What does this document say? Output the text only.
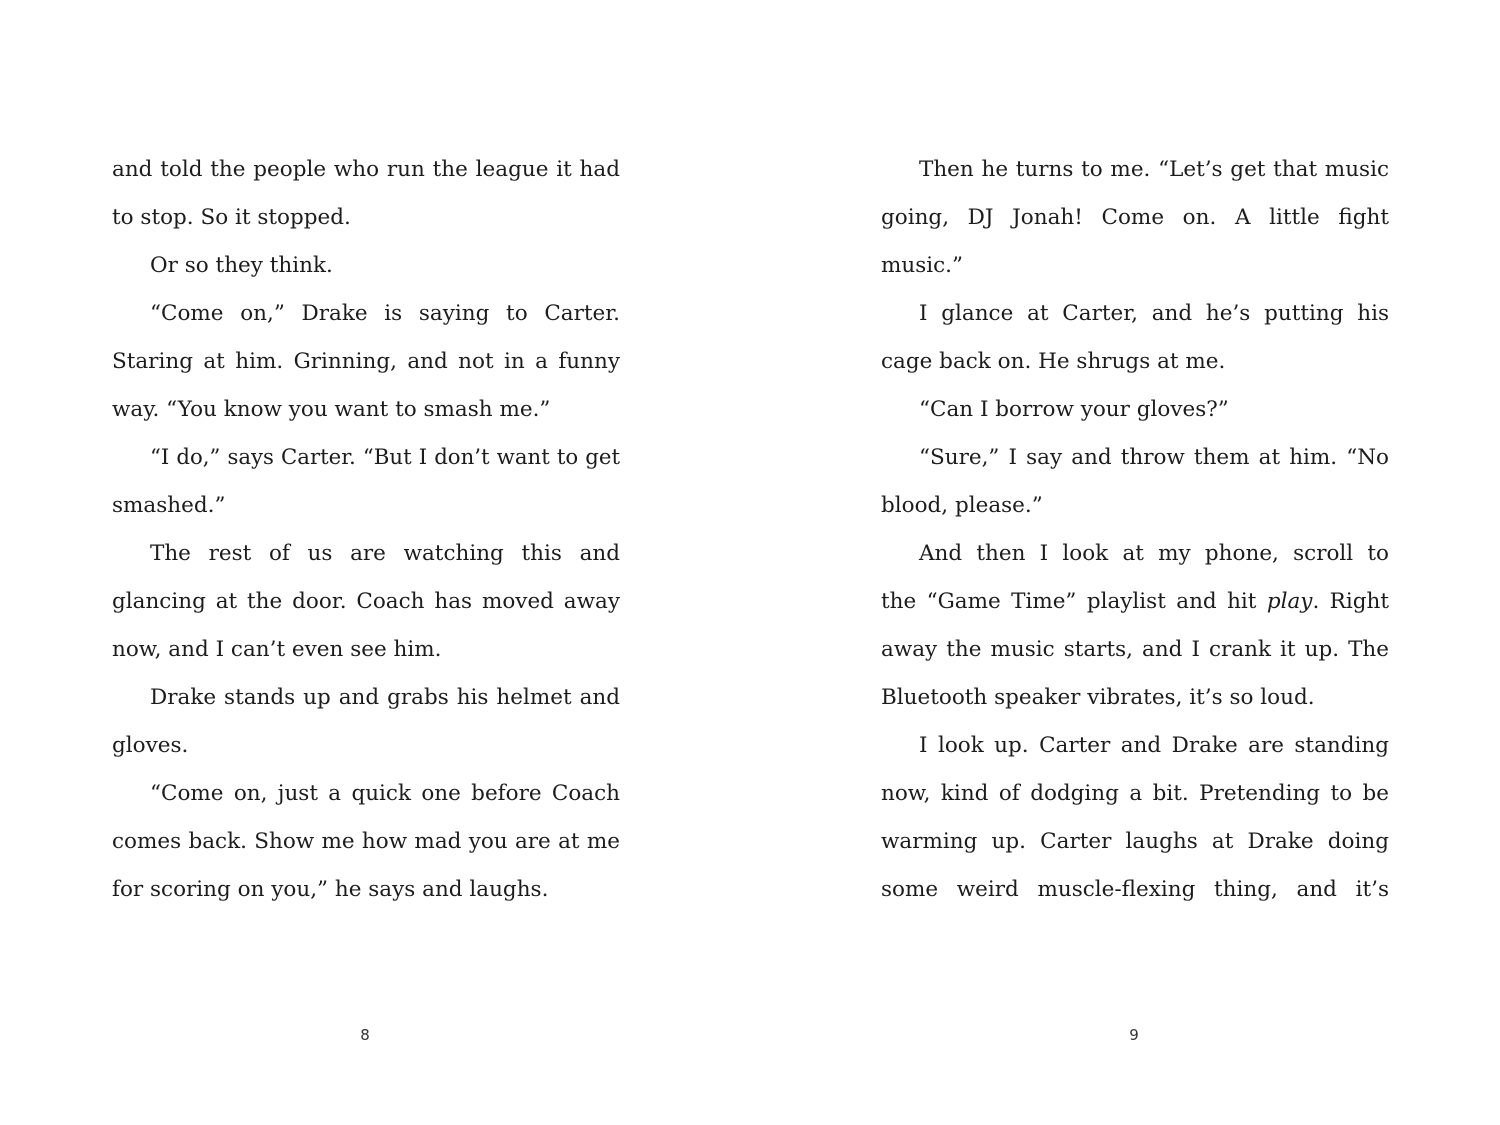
and told the people who run the league it had
to stop. So it stopped.
Or so they think.
“Come on,” Drake is saying to Carter.
Staring at him. Grinning, and not in a funny
way. “You know you want to smash me.”
“I do,” says Carter. “But I don’t want to get
smashed.”
The rest of us are watching this and
glancing at the door. Coach has moved away
now, and I can’t even see him.
Drake stands up and grabs his helmet and
gloves.
“Come on, just a quick one before Coach
comes back. Show me how mad you are at me
for scoring on you,” he says and laughs.
Then he turns to me. “Let’s get that music
going, DJ Jonah! Come on. A little fight
music.”
I glance at Carter, and he’s putting his
cage back on. He shrugs at me.
“Can I borrow your gloves?”
“Sure,” I say and throw them at him. “No
blood, please.”
And then I look at my phone, scroll to
the “Game Time” playlist and hit play. Right
away the music starts, and I crank it up. The
Bluetooth speaker vibrates, it’s so loud.
I look up. Carter and Drake are standing
now, kind of dodging a bit. Pretending to be
warming up. Carter laughs at Drake doing
some weird muscle-flexing thing, and it’s
8	9
